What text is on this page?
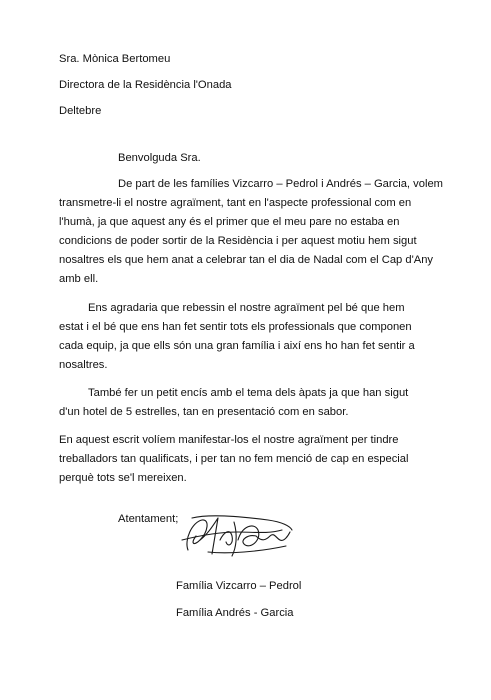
Sra. Mònica Bertomeu
Directora de la Residència l'Onada
Deltebre
Benvolguda Sra.
De part de les famílies Vizcarro – Pedrol i Andrés – Garcia, volem
transmetre-li el nostre agraïment, tant en l'aspecte professional com en
l'humà, ja que aquest any és el primer que el meu pare no estaba en
condicions de poder sortir de la Residència i per aquest motiu hem sigut
nosaltres els que hem anat a celebrar tan el dia de Nadal com el Cap d'Any
amb ell.
Ens agradaria que rebessin el nostre agraïment pel bé que hem
estat i el bé que ens han fet sentir tots els professionals que componen
cada equip, ja que ells són una gran família i així ens ho han fet sentir a
nosaltres.
També fer un petit encís amb el tema dels àpats ja que han sigut
d'un hotel de 5 estrelles, tan en presentació com en sabor.
En aquest escrit volíem manifestar-los el nostre agraïment per tindre
treballadors tan qualificats, i per tan no fem menció de cap en especial
perquè tots se'l mereixen.
Atentament;
Família Vizcarro – Pedrol
Família Andrés - Garcia
